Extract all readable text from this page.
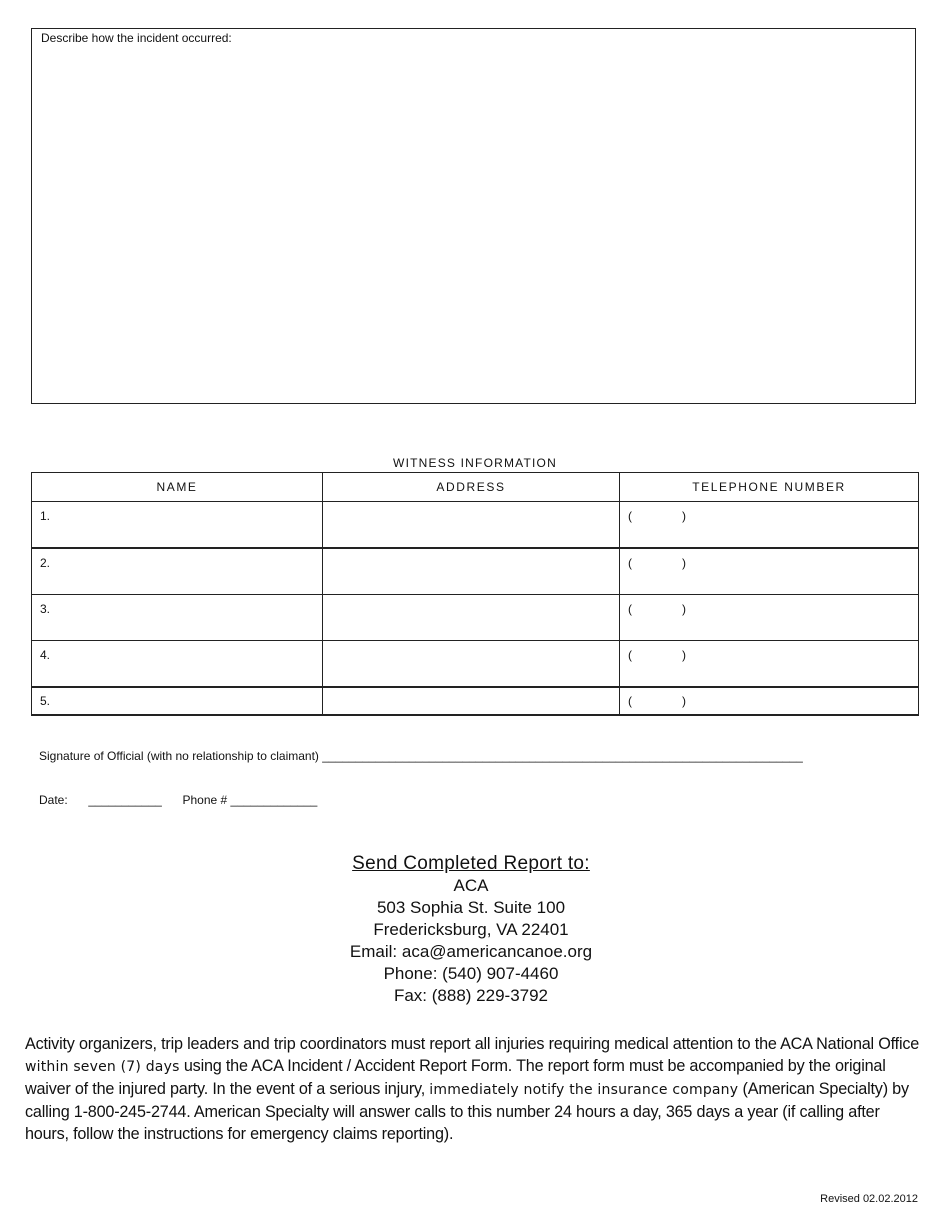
Describe how the incident occurred:
WITNESS INFORMATION
NAME	ADDRESS	TELEPHONE NUMBER
1.		( )
2.		( )
3.		( )
4.		( )
5.		( )
Signature of Official (with no relationship to claimant) ________________________________________________________________________
Date: ___________ Phone # _____________
Send Completed Report to:
ACA
503 Sophia St. Suite 100
Fredericksburg, VA 22401
Email: aca@americancanoe.org
Phone: (540) 907-4460
Fax: (888) 229-3792
Activity organizers, trip leaders and trip coordinators must report all injuries requiring medical attention to the ACA National Office within seven (7) days using the ACA Incident / Accident Report Form. The report form must be accompanied by the original waiver of the injured party. In the event of a serious injury, immediately notify the insurance company (American Specialty) by calling 1-800-245-2744. American Specialty will answer calls to this number 24 hours a day, 365 days a year (if calling after hours, follow the instructions for emergency claims reporting).
Revised 02.02.2012
